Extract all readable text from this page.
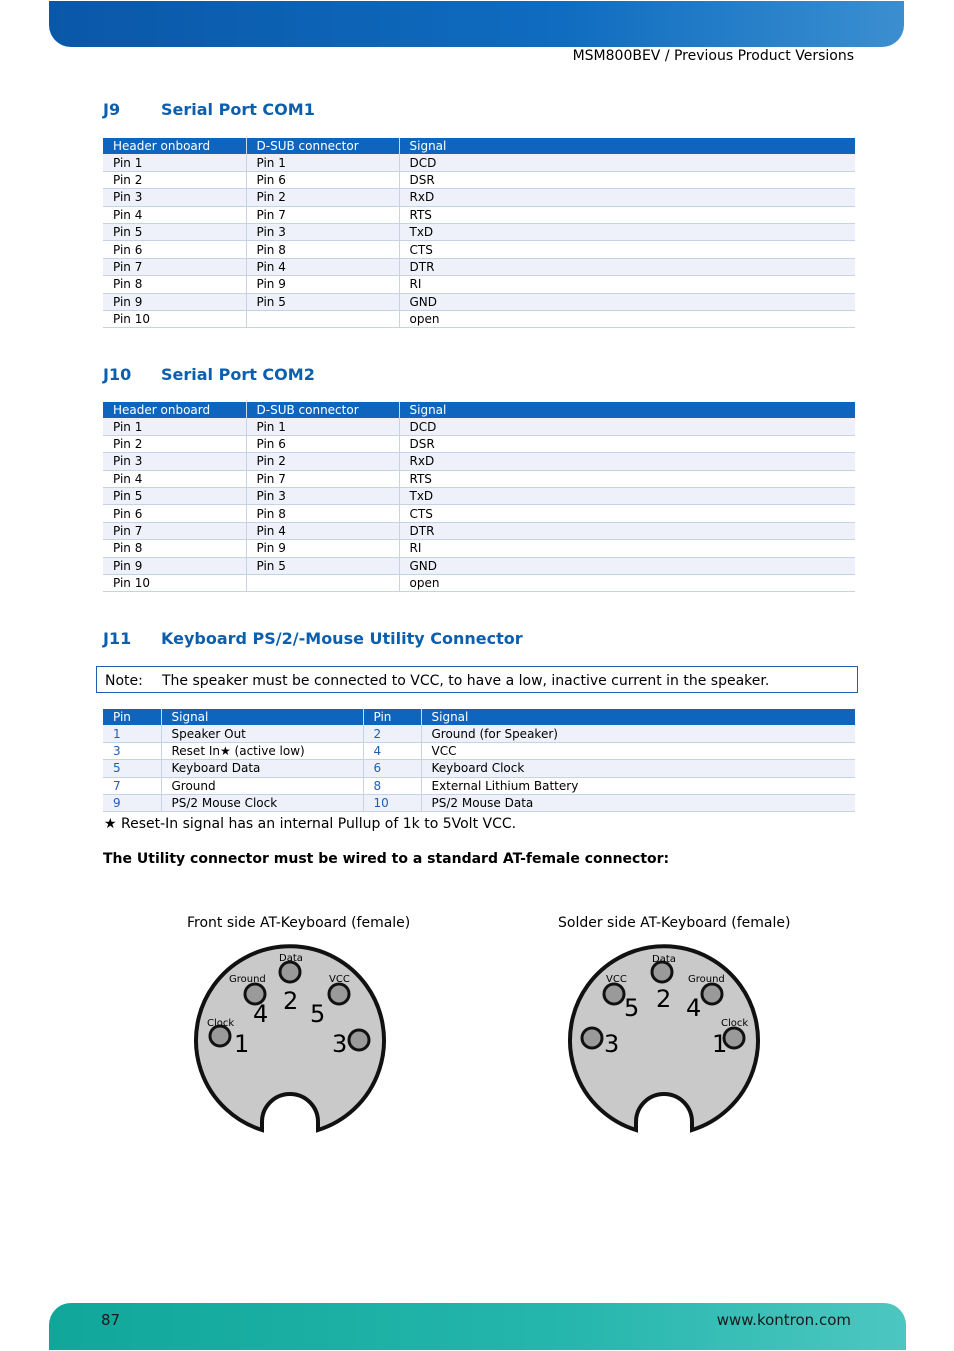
MSM800BEV / Previous Product Versions
J9	Serial Port COM1
Header onboard	D-SUB connector	Signal
Pin 1	Pin 1	DCD
Pin 2	Pin 6	DSR
Pin 3	Pin 2	RxD
Pin 4	Pin 7	RTS
Pin 5	Pin 3	TxD
Pin 6	Pin 8	CTS
Pin 7	Pin 4	DTR
Pin 8	Pin 9	RI
Pin 9	Pin 5	GND
Pin 10		open
J10 Serial Port COM2
Header onboard	D-SUB connector	Signal
Pin 1	Pin 1	DCD
Pin 2	Pin 6	DSR
Pin 3	Pin 2	RxD
Pin 4	Pin 7	RTS
Pin 5	Pin 3	TxD
Pin 6	Pin 8	CTS
Pin 7	Pin 4	DTR
Pin 8	Pin 9	RI
Pin 9	Pin 5	GND
Pin 10		open
J11 Keyboard PS/2/-Mouse Utility Connector
Note: The speaker must be connected to VCC, to have a low, inactive current in the speaker.
Pin	Signal	Pin	Signal
1	Speaker Out	2	Ground (for Speaker)
3	Reset In★ (active low)	4	VCC
5	Keyboard Data	6	Keyboard Clock
7	Ground	8	External Lithium Battery
9	PS/2 Mouse Clock	10	PS/2 Mouse Data
★ Reset-In signal has an internal Pullup of 1k to 5Volt VCC.
The Utility connector must be wired to a standard AT-female connector:
Front side AT-Keyboard (female)	Solder side AT-Keyboard (female)
Data
Ground	VCC
Clock
1
2
3
4 5
Data
VCC	Ground
Clock
1
2
3
4
5
87	www.kontron.com
